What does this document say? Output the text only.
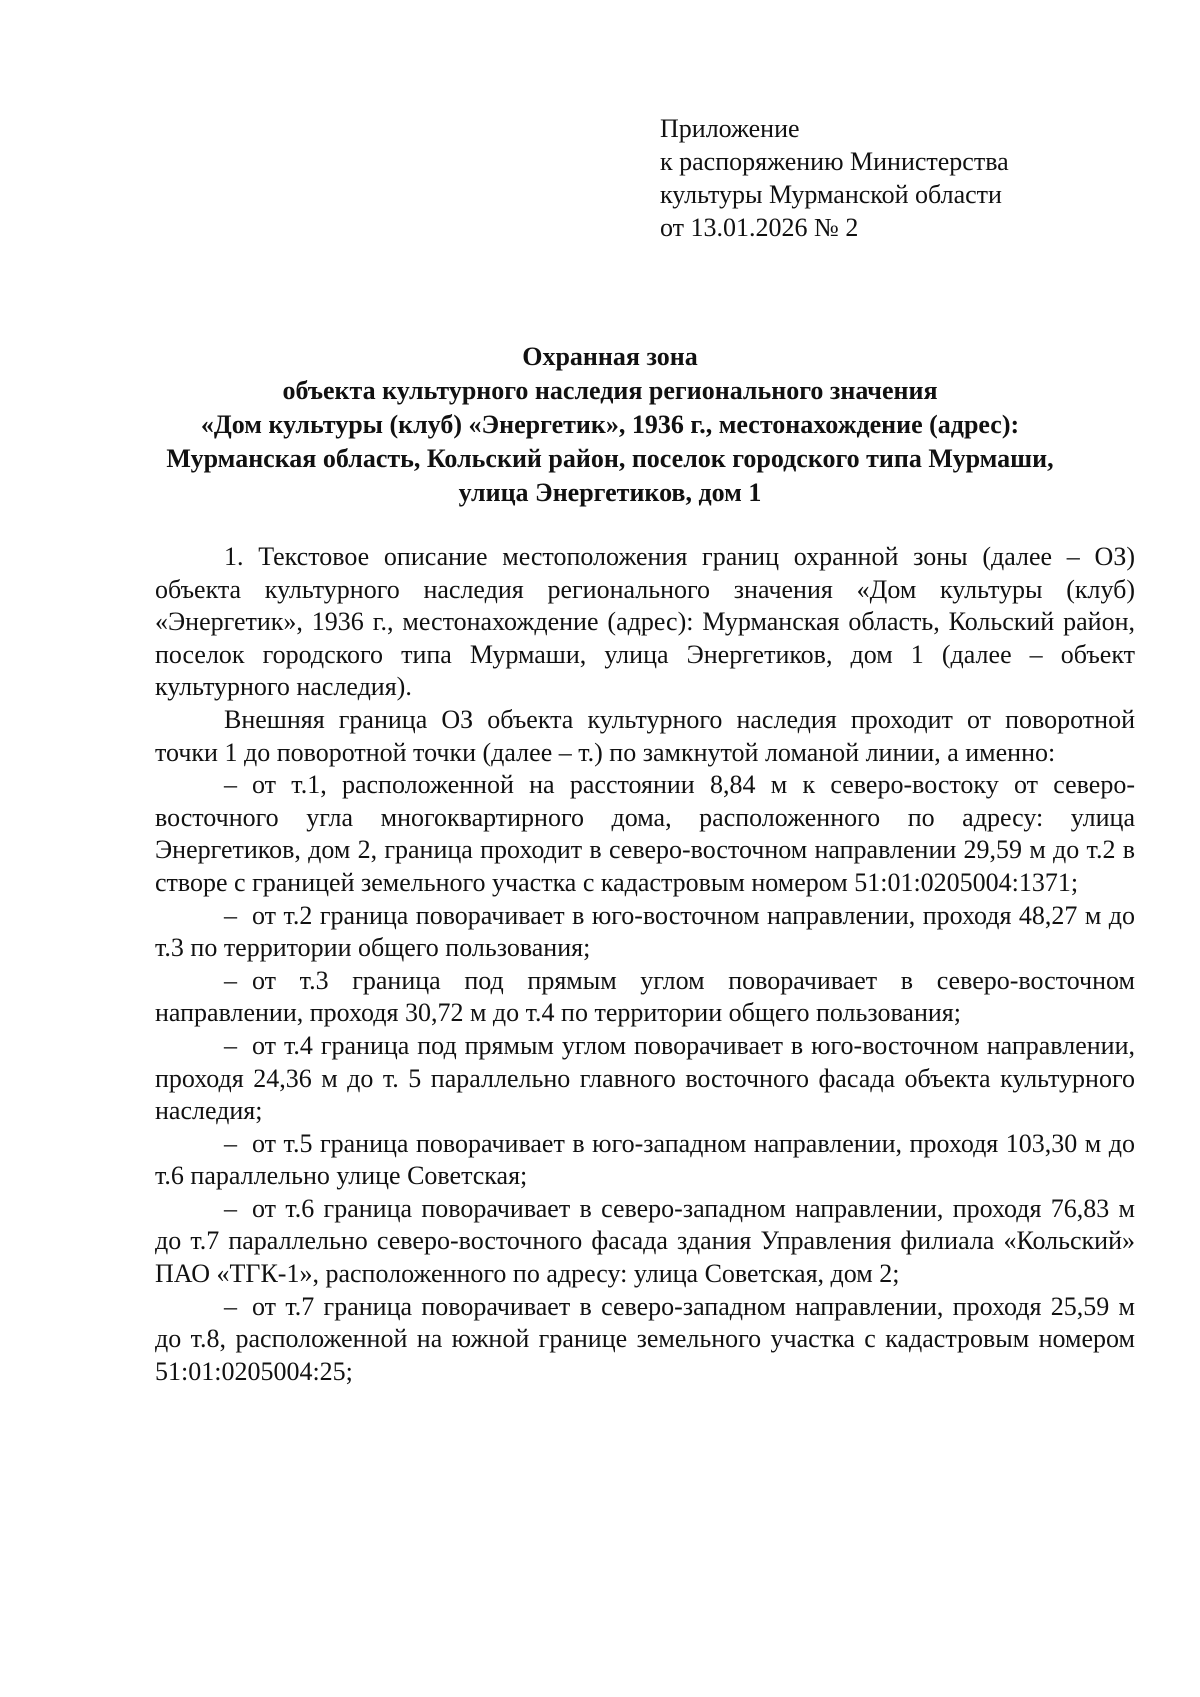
Приложение
к распоряжению Министерства
культуры Мурманской области
от 13.01.2026 № 2
Охранная зона
объекта культурного наследия регионального значения
«Дом культуры (клуб) «Энергетик», 1936 г., местонахождение (адрес):
Мурманская область, Кольский район, поселок городского типа Мурмаши,
улица Энергетиков, дом 1

1. Текстовое описание местоположения границ охранной зоны (далее – ОЗ) объекта культурного наследия регионального значения «Дом культуры (клуб) «Энергетик», 1936 г., местонахождение (адрес): Мурманская область, Кольский район, поселок городского типа Мурмаши, улица Энергетиков, дом 1 (далее – объект культурного наследия).

Внешняя граница ОЗ объекта культурного наследия проходит от поворотной точки 1 до поворотной точки (далее – т.) по замкнутой ломаной линии, а именно:

– от т.1, расположенной на расстоянии 8,84 м к северо-востоку от северо-восточного угла многоквартирного дома, расположенного по адресу: улица Энергетиков, дом 2, граница проходит в северо-восточном направлении 29,59 м до т.2 в створе с границей земельного участка с кадастровым номером 51:01:0205004:1371;

– от т.2 граница поворачивает в юго-восточном направлении, проходя 48,27 м до т.3 по территории общего пользования;

– от т.3 граница под прямым углом поворачивает в северо-восточном направлении, проходя 30,72 м до т.4 по территории общего пользования;

– от т.4 граница под прямым углом поворачивает в юго-восточном направлении, проходя 24,36 м до т. 5 параллельно главного восточного фасада объекта культурного наследия;

– от т.5 граница поворачивает в юго-западном направлении, проходя 103,30 м до т.6 параллельно улице Советская;

– от т.6 граница поворачивает в северо-западном направлении, проходя 76,83 м до т.7 параллельно северо-восточного фасада здания Управления филиала «Кольский» ПАО «ТГК-1», расположенного по адресу: улица Советская, дом 2;

– от т.7 граница поворачивает в северо-западном направлении, проходя 25,59 м до т.8, расположенной на южной границе земельного участка с кадастровым номером 51:01:0205004:25;
